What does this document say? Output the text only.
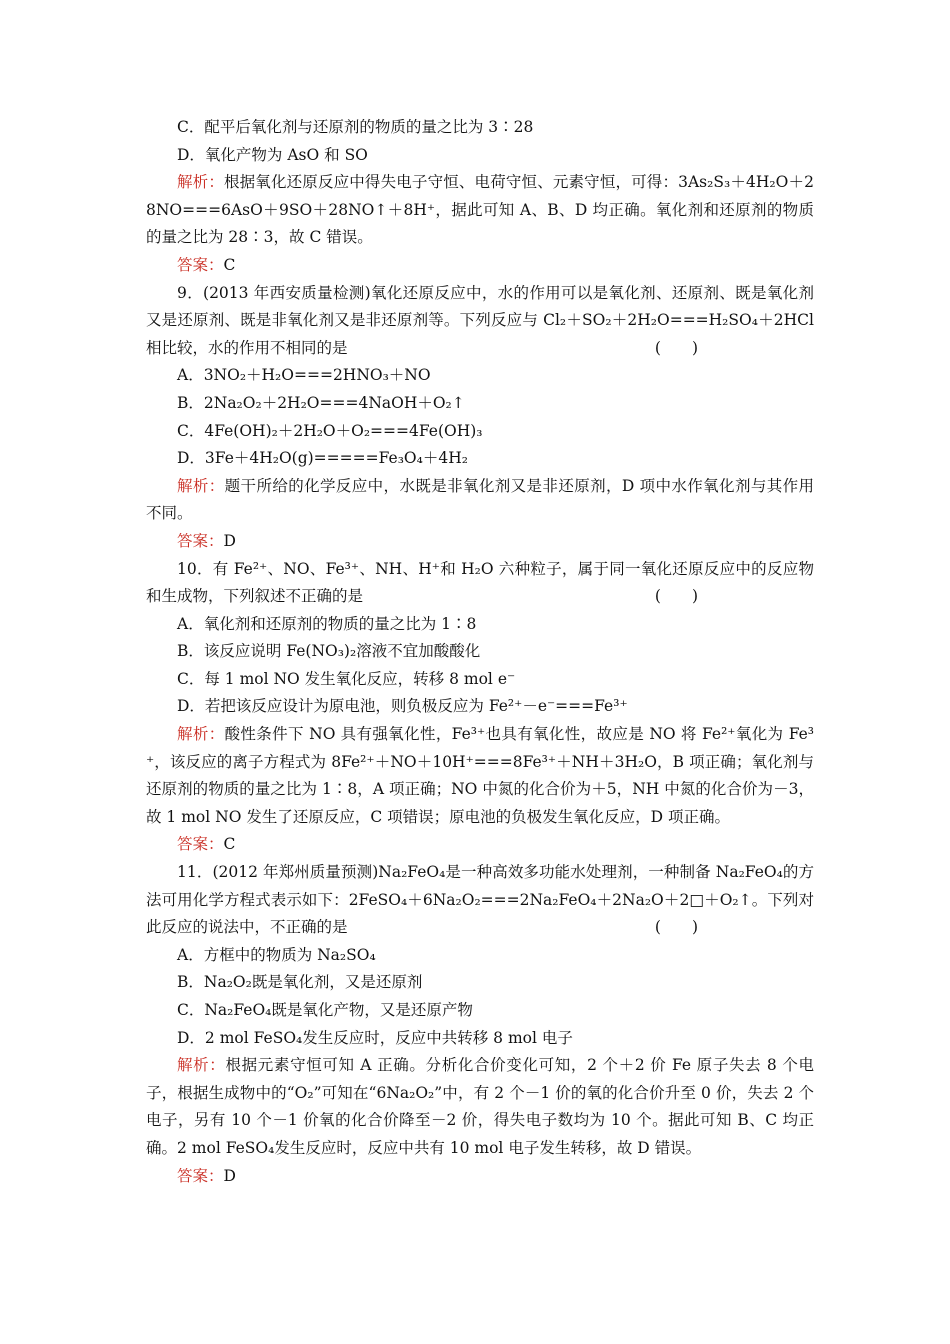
C．配平后氧化剂与还原剂的物质的量之比为 3∶28
D．氧化产物为 AsO 和 SO
解析：根据氧化还原反应中得失电子守恒、电荷守恒、元素守恒，可得：3As₂S₃＋4H₂O＋28NO===6AsO＋9SO＋28NO↑＋8H⁺，据此可知 A、B、D 均正确。氧化剂和还原剂的物质的量之比为 28∶3，故 C 错误。
答案：C
9．(2013 年西安质量检测)氧化还原反应中，水的作用可以是氧化剂、还原剂、既是氧化剂又是还原剂、既是非氧化剂又是非还原剂等。下列反应与 Cl₂＋SO₂＋2H₂O===H₂SO₄＋2HCl 相比较，水的作用不相同的是	(　　)
A．3NO₂＋H₂O===2HNO₃＋NO
B．2Na₂O₂＋2H₂O===4NaOH＋O₂↑
C．4Fe(OH)₂＋2H₂O＋O₂===4Fe(OH)₃
D．3Fe＋4H₂O(g)=====Fe₃O₄＋4H₂
解析：题干所给的化学反应中，水既是非氧化剂又是非还原剂，D 项中水作氧化剂与其作用不同。
答案：D
10．有 Fe²⁺、NO、Fe³⁺、NH、H⁺和 H₂O 六种粒子，属于同一氧化还原反应中的反应物和生成物，下列叙述不正确的是	(　　)
A．氧化剂和还原剂的物质的量之比为 1∶8
B．该反应说明 Fe(NO₃)₂溶液不宜加酸酸化
C．每 1 mol NO 发生氧化反应，转移 8 mol e⁻
D．若把该反应设计为原电池，则负极反应为 Fe²⁺－e⁻===Fe³⁺
解析：酸性条件下 NO 具有强氧化性，Fe³⁺也具有氧化性，故应是 NO 将 Fe²⁺氧化为 Fe³⁺，该反应的离子方程式为 8Fe²⁺＋NO＋10H⁺===8Fe³⁺＋NH＋3H₂O，B 项正确；氧化剂与还原剂的物质的量之比为 1∶8，A 项正确；NO 中氮的化合价为＋5，NH 中氮的化合价为－3，故 1 mol NO 发生了还原反应，C 项错误；原电池的负极发生氧化反应，D 项正确。
答案：C
11．(2012 年郑州质量预测)Na₂FeO₄是一种高效多功能水处理剂，一种制备 Na₂FeO₄的方法可用化学方程式表示如下：2FeSO₄＋6Na₂O₂===2Na₂FeO₄＋2Na₂O＋2□＋O₂↑。下列对此反应的说法中，不正确的是	(　　)
A．方框中的物质为 Na₂SO₄
B．Na₂O₂既是氧化剂，又是还原剂
C．Na₂FeO₄既是氧化产物，又是还原产物
D．2 mol FeSO₄发生反应时，反应中共转移 8 mol 电子
解析：根据元素守恒可知 A 正确。分析化合价变化可知，2 个＋2 价 Fe 原子失去 8 个电子，根据生成物中的“O₂”可知在“6Na₂O₂”中，有 2 个－1 价的氧的化合价升至 0 价，失去 2 个电子，另有 10 个－1 价氧的化合价降至－2 价，得失电子数均为 10 个。据此可知 B、C 均正确。2 mol FeSO₄发生反应时，反应中共有 10 mol 电子发生转移，故 D 错误。
答案：D
